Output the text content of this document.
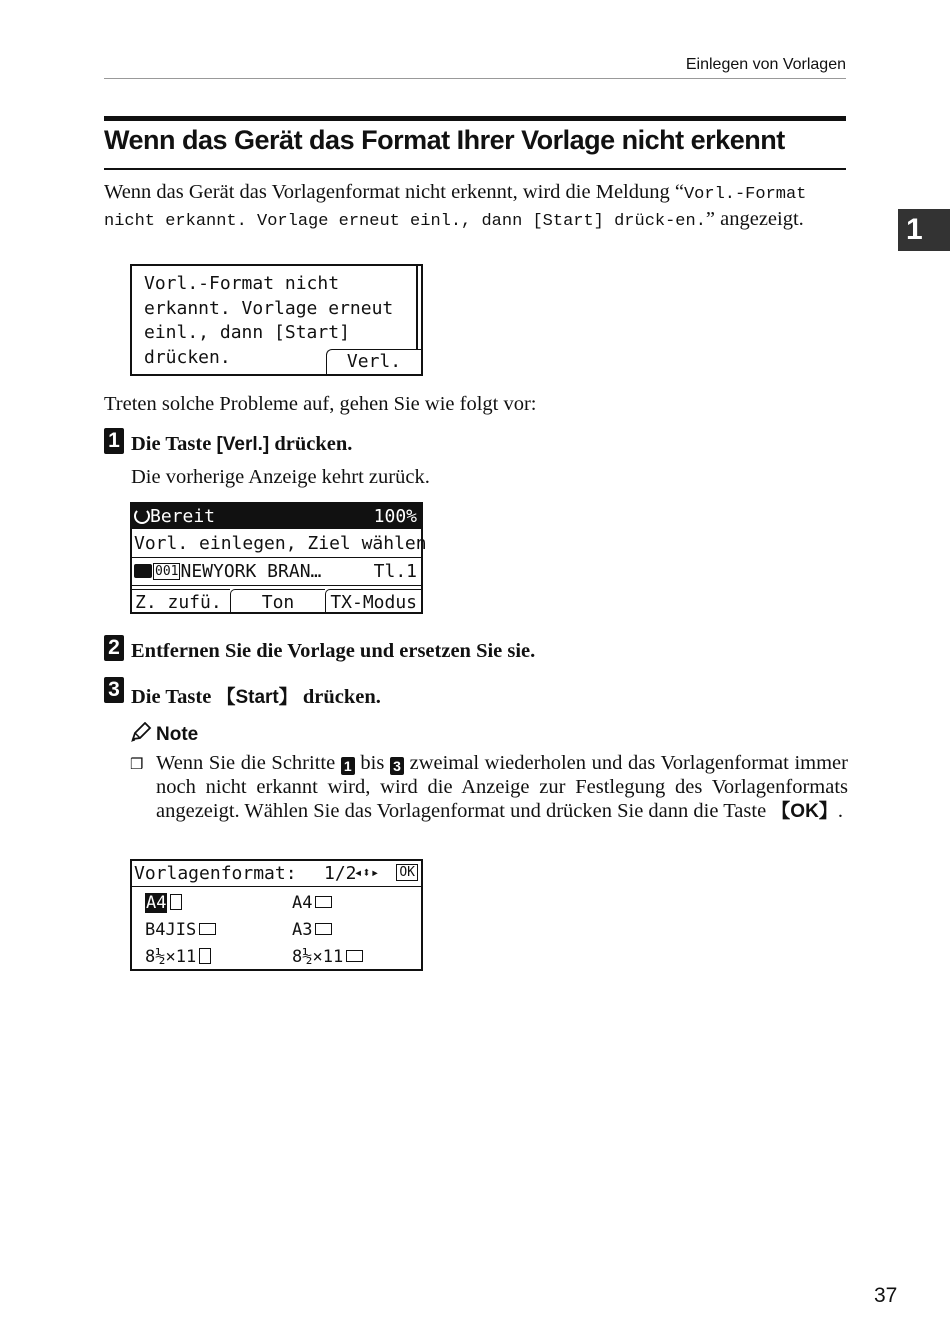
Einlegen von Vorlagen
Wenn das Gerät das Format Ihrer Vorlage nicht erkennt
1
Wenn das Gerät das Vorlagenformat nicht erkennt, wird die Meldung “Vorl.-Format nicht erkannt. Vorlage erneut einl., dann [Start] drück-en.” angezeigt.
Vorl.-Format nicht
erkannt. Vorlage erneut
einl., dann [Start]
drücken.	Verl.
Treten solche Probleme auf, gehen Sie wie folgt vor:
1 Die Taste [Verl.] drücken.
Die vorherige Anzeige kehrt zurück.
Bereit	100%
Vorl. einlegen, Ziel wählen
001 NEWYORK BRAN…	Tl.1
Z. zufü.	Ton	TX-Modus
2 Entfernen Sie die Vorlage und ersetzen Sie sie.
3 Die Taste 【Start】 drücken.
Note
❒ Wenn Sie die Schritte 1 bis 3 zweimal wiederholen und das Vorlagenformat immer noch nicht erkannt wird, wird die Anzeige zur Festlegung des Vorlagenformats angezeigt. Wählen Sie das Vorlagenformat und drücken Sie dann die Taste 【OK】.
Vorlagenformat: 1/2
◂⬍▸ OK
A4	A4
B4JIS	A3
8½×11	8½×11
37
